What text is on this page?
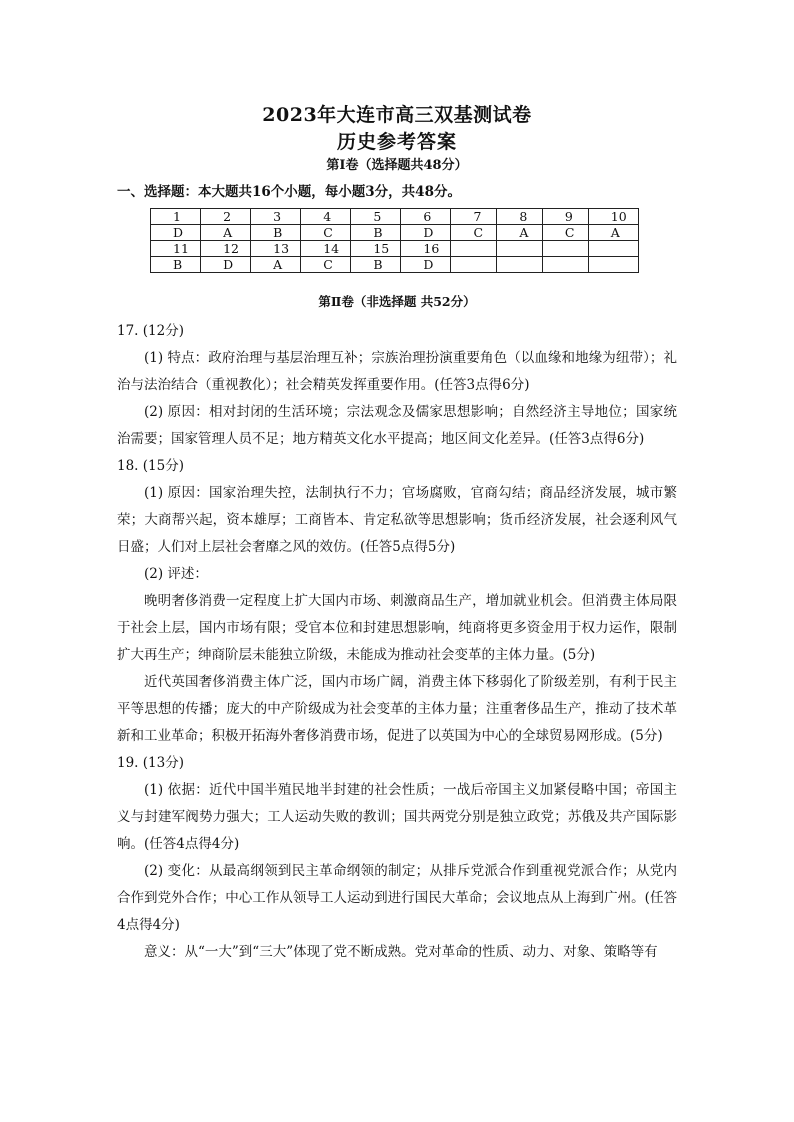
2023年大连市高三双基测试卷
历史参考答案
第Ⅰ卷（选择题共48分）
一、选择题：本大题共16个小题，每小题3分，共48分。
1	2	3	4	5	6	7	8	9	10
D	A	B	C	B	D	C	A	C	A
11	12	13	14	15	16				
B	D	A	C	B	D				
第Ⅱ卷（非选择题 共52分）

17. (12分)

(1) 特点：政府治理与基层治理互补；宗族治理扮演重要角色（以血缘和地缘为纽带）；礼治与法治结合（重视教化）；社会精英发挥重要作用。(任答3点得6分)

(2) 原因：相对封闭的生活环境；宗法观念及儒家思想影响；自然经济主导地位；国家统治需要；国家管理人员不足；地方精英文化水平提高；地区间文化差异。(任答3点得6分)

18. (15分)

(1) 原因：国家治理失控，法制执行不力；官场腐败，官商勾结；商品经济发展，城市繁荣；大商帮兴起，资本雄厚；工商皆本、肯定私欲等思想影响；货币经济发展，社会逐利风气日盛；人们对上层社会奢靡之风的效仿。(任答5点得5分)

(2) 评述：

晚明奢侈消费一定程度上扩大国内市场、刺激商品生产，增加就业机会。但消费主体局限于社会上层，国内市场有限；受官本位和封建思想影响，纯商将更多资金用于权力运作，限制扩大再生产；绅商阶层未能独立阶级，未能成为推动社会变革的主体力量。(5分)

近代英国奢侈消费主体广泛，国内市场广阔，消费主体下移弱化了阶级差别，有利于民主平等思想的传播；庞大的中产阶级成为社会变革的主体力量；注重奢侈品生产，推动了技术革新和工业革命；积极开拓海外奢侈消费市场，促进了以英国为中心的全球贸易网形成。(5分)

19. (13分)

(1) 依据：近代中国半殖民地半封建的社会性质；一战后帝国主义加紧侵略中国；帝国主义与封建军阀势力强大；工人运动失败的教训；国共两党分别是独立政党；苏俄及共产国际影响。(任答4点得4分)

(2) 变化：从最高纲领到民主革命纲领的制定；从排斥党派合作到重视党派合作；从党内合作到党外合作；中心工作从领导工人运动到进行国民大革命；会议地点从上海到广州。(任答4点得4分)

意义：从“一大”到“三大”体现了党不断成熟。党对革命的性质、动力、对象、策略等有
